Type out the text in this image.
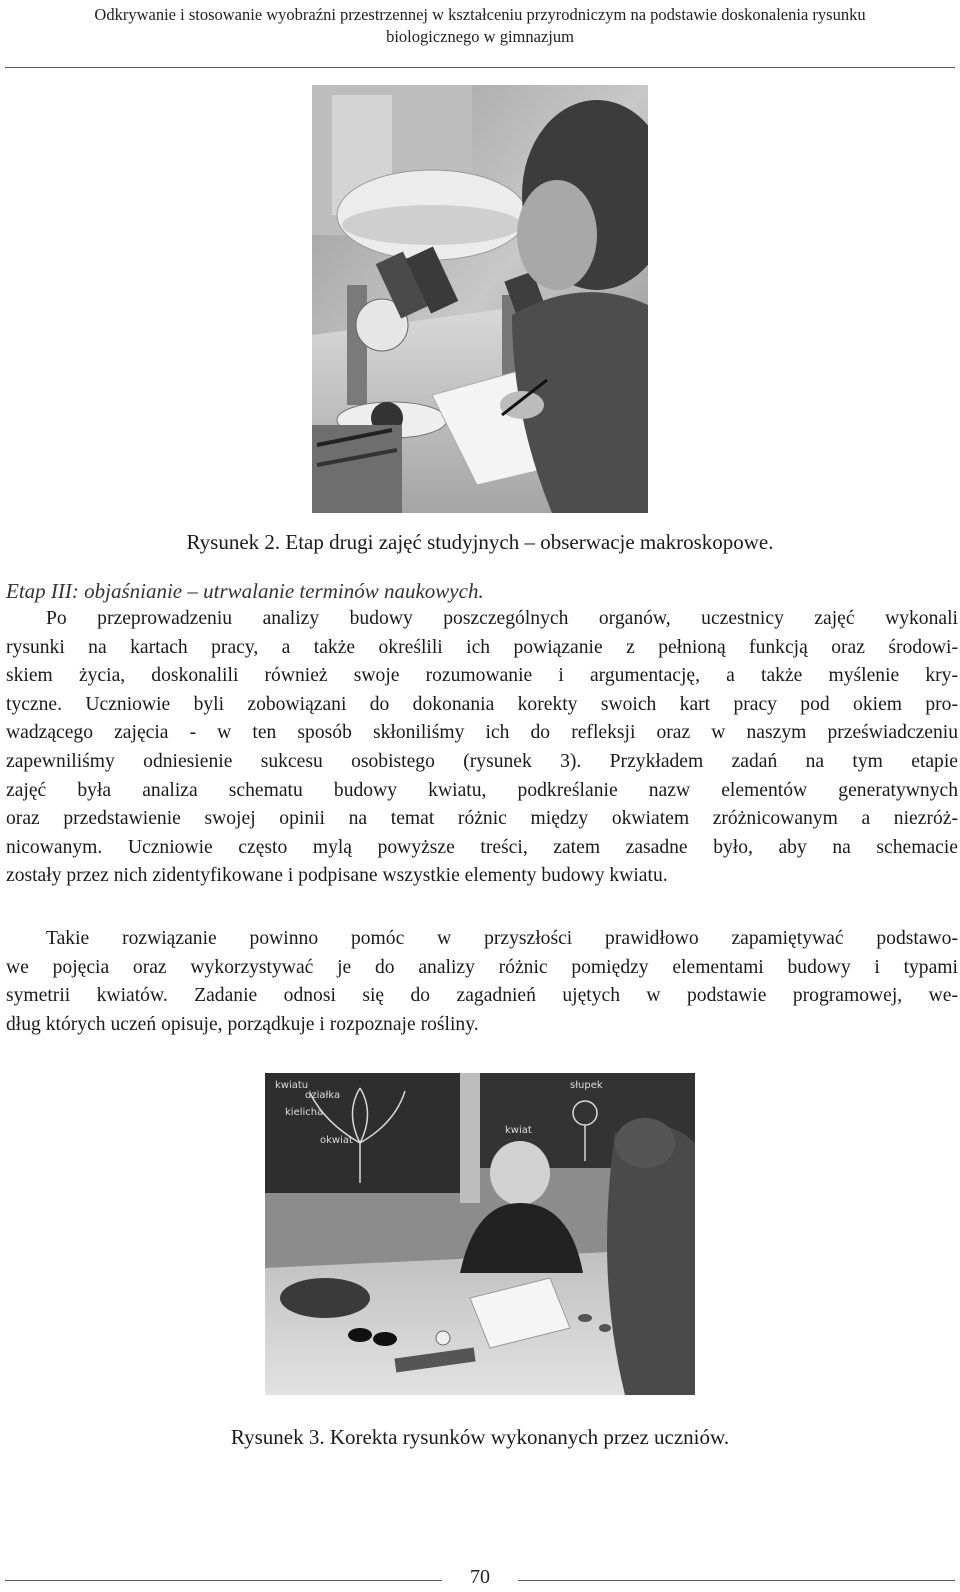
Odkrywanie i stosowanie wyobraźni przestrzennej w kształceniu przyrodniczym na podstawie doskonalenia rysunku
biologicznego w gimnazjum
Rysunek 2. Etap drugi zajęć studyjnych – obserwacje makroskopowe.
Etap III: objaśnianie – utrwalanie terminów naukowych.
Po przeprowadzeniu analizy budowy poszczególnych organów, uczestnicy zajęć wykonali
rysunki na kartach pracy, a także określili ich powiązanie z pełnioną funkcją oraz środowi-
skiem życia, doskonalili również swoje rozumowanie i argumentację, a także myślenie kry-
tyczne. Uczniowie byli zobowiązani do dokonania korekty swoich kart pracy pod okiem pro-
wadzącego zajęcia - w ten sposób skłoniliśmy ich do refleksji oraz w naszym przeświadczeniu
zapewniliśmy odniesienie sukcesu osobistego (rysunek 3). Przykładem zadań na tym etapie
zajęć była analiza schematu budowy kwiatu, podkreślanie nazw elementów generatywnych
oraz przedstawienie swojej opinii na temat różnic między okwiatem zróżnicowanym a niezróż-
nicowanym. Uczniowie często mylą powyższe treści, zatem zasadne było, aby na schemacie
zostały przez nich zidentyfikowane i podpisane wszystkie elementy budowy kwiatu.
Takie rozwiązanie powinno pomóc w przyszłości prawidłowo zapamiętywać podstawo-
we pojęcia oraz wykorzystywać je do analizy różnic pomiędzy elementami budowy i typami
symetrii kwiatów. Zadanie odnosi się do zagadnień ujętych w podstawie programowej, we-
dług których uczeń opisuje, porządkuje i rozpoznaje rośliny.
kwiatu
działka
kielicha
okwiat
słupek
kwiat
Rysunek 3. Korekta rysunków wykonanych przez uczniów.
70
